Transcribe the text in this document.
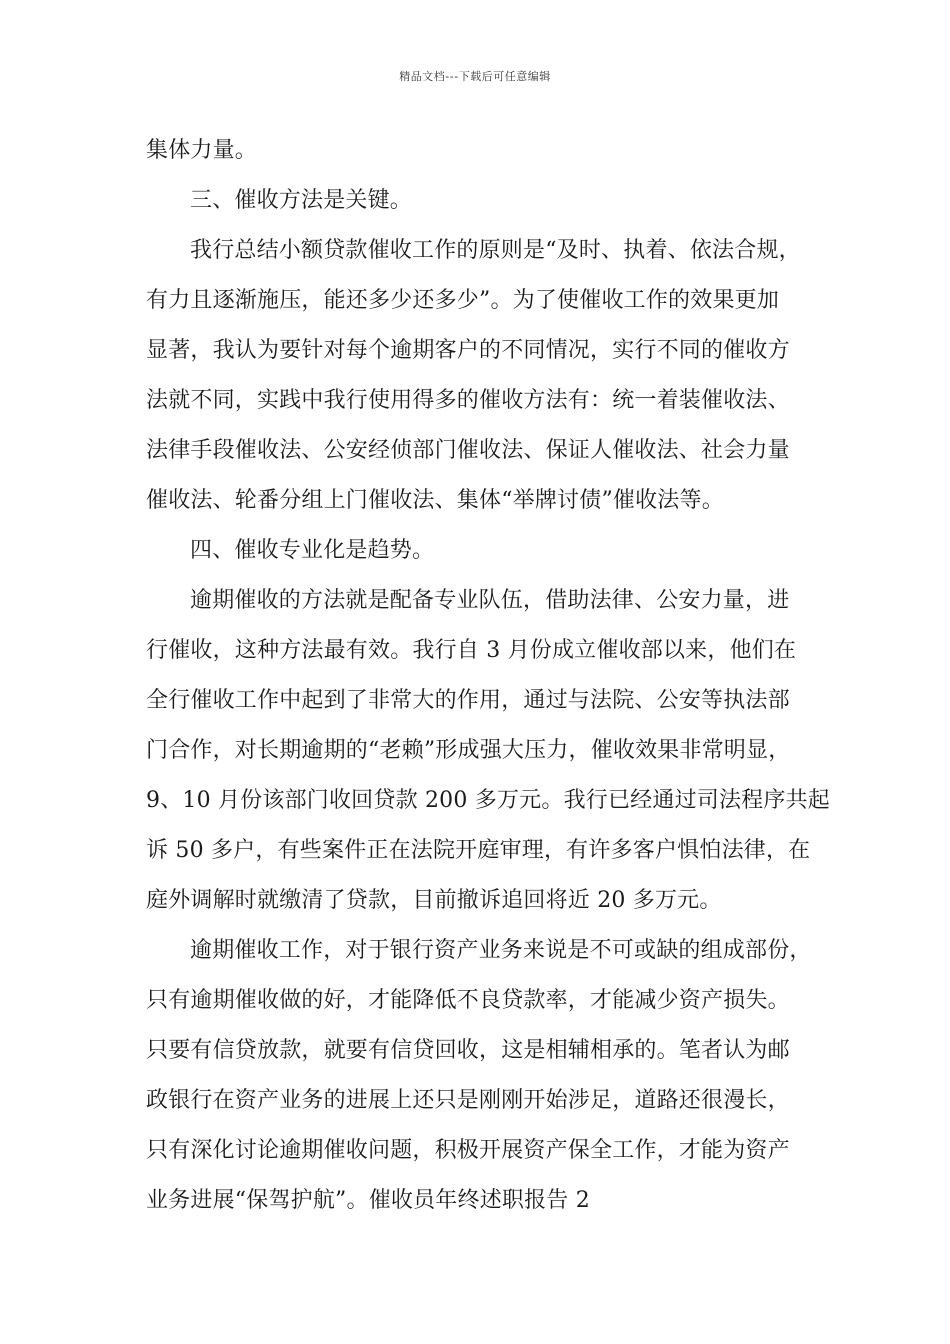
精品文档---下载后可任意编辑
集体力量。
三、催收方法是关键。
我行总结小额贷款催收工作的原则是“及时、执着、依法合规，
有力且逐渐施压，能还多少还多少”。为了使催收工作的效果更加
显著，我认为要针对每个逾期客户的不同情况，实行不同的催收方
法就不同，实践中我行使用得多的催收方法有：统一着装催收法、
法律手段催收法、公安经侦部门催收法、保证人催收法、社会力量
催收法、轮番分组上门催收法、集体“举牌讨债”催收法等。
四、催收专业化是趋势。
逾期催收的方法就是配备专业队伍，借助法律、公安力量，进
行催收，这种方法最有效。我行自 3 月份成立催收部以来，他们在
全行催收工作中起到了非常大的作用，通过与法院、公安等执法部
门合作，对长期逾期的“老赖”形成强大压力，催收效果非常明显，
9、10 月份该部门收回贷款 200 多万元。我行已经通过司法程序共起
诉 50 多户，有些案件正在法院开庭审理，有许多客户惧怕法律，在
庭外调解时就缴清了贷款，目前撤诉追回将近 20 多万元。
逾期催收工作，对于银行资产业务来说是不可或缺的组成部份，
只有逾期催收做的好，才能降低不良贷款率，才能减少资产损失。
只要有信贷放款，就要有信贷回收，这是相辅相承的。笔者认为邮
政银行在资产业务的进展上还只是刚刚开始涉足，道路还很漫长，
只有深化讨论逾期催收问题，积极开展资产保全工作，才能为资产
业务进展“保驾护航”。催收员年终述职报告 2
